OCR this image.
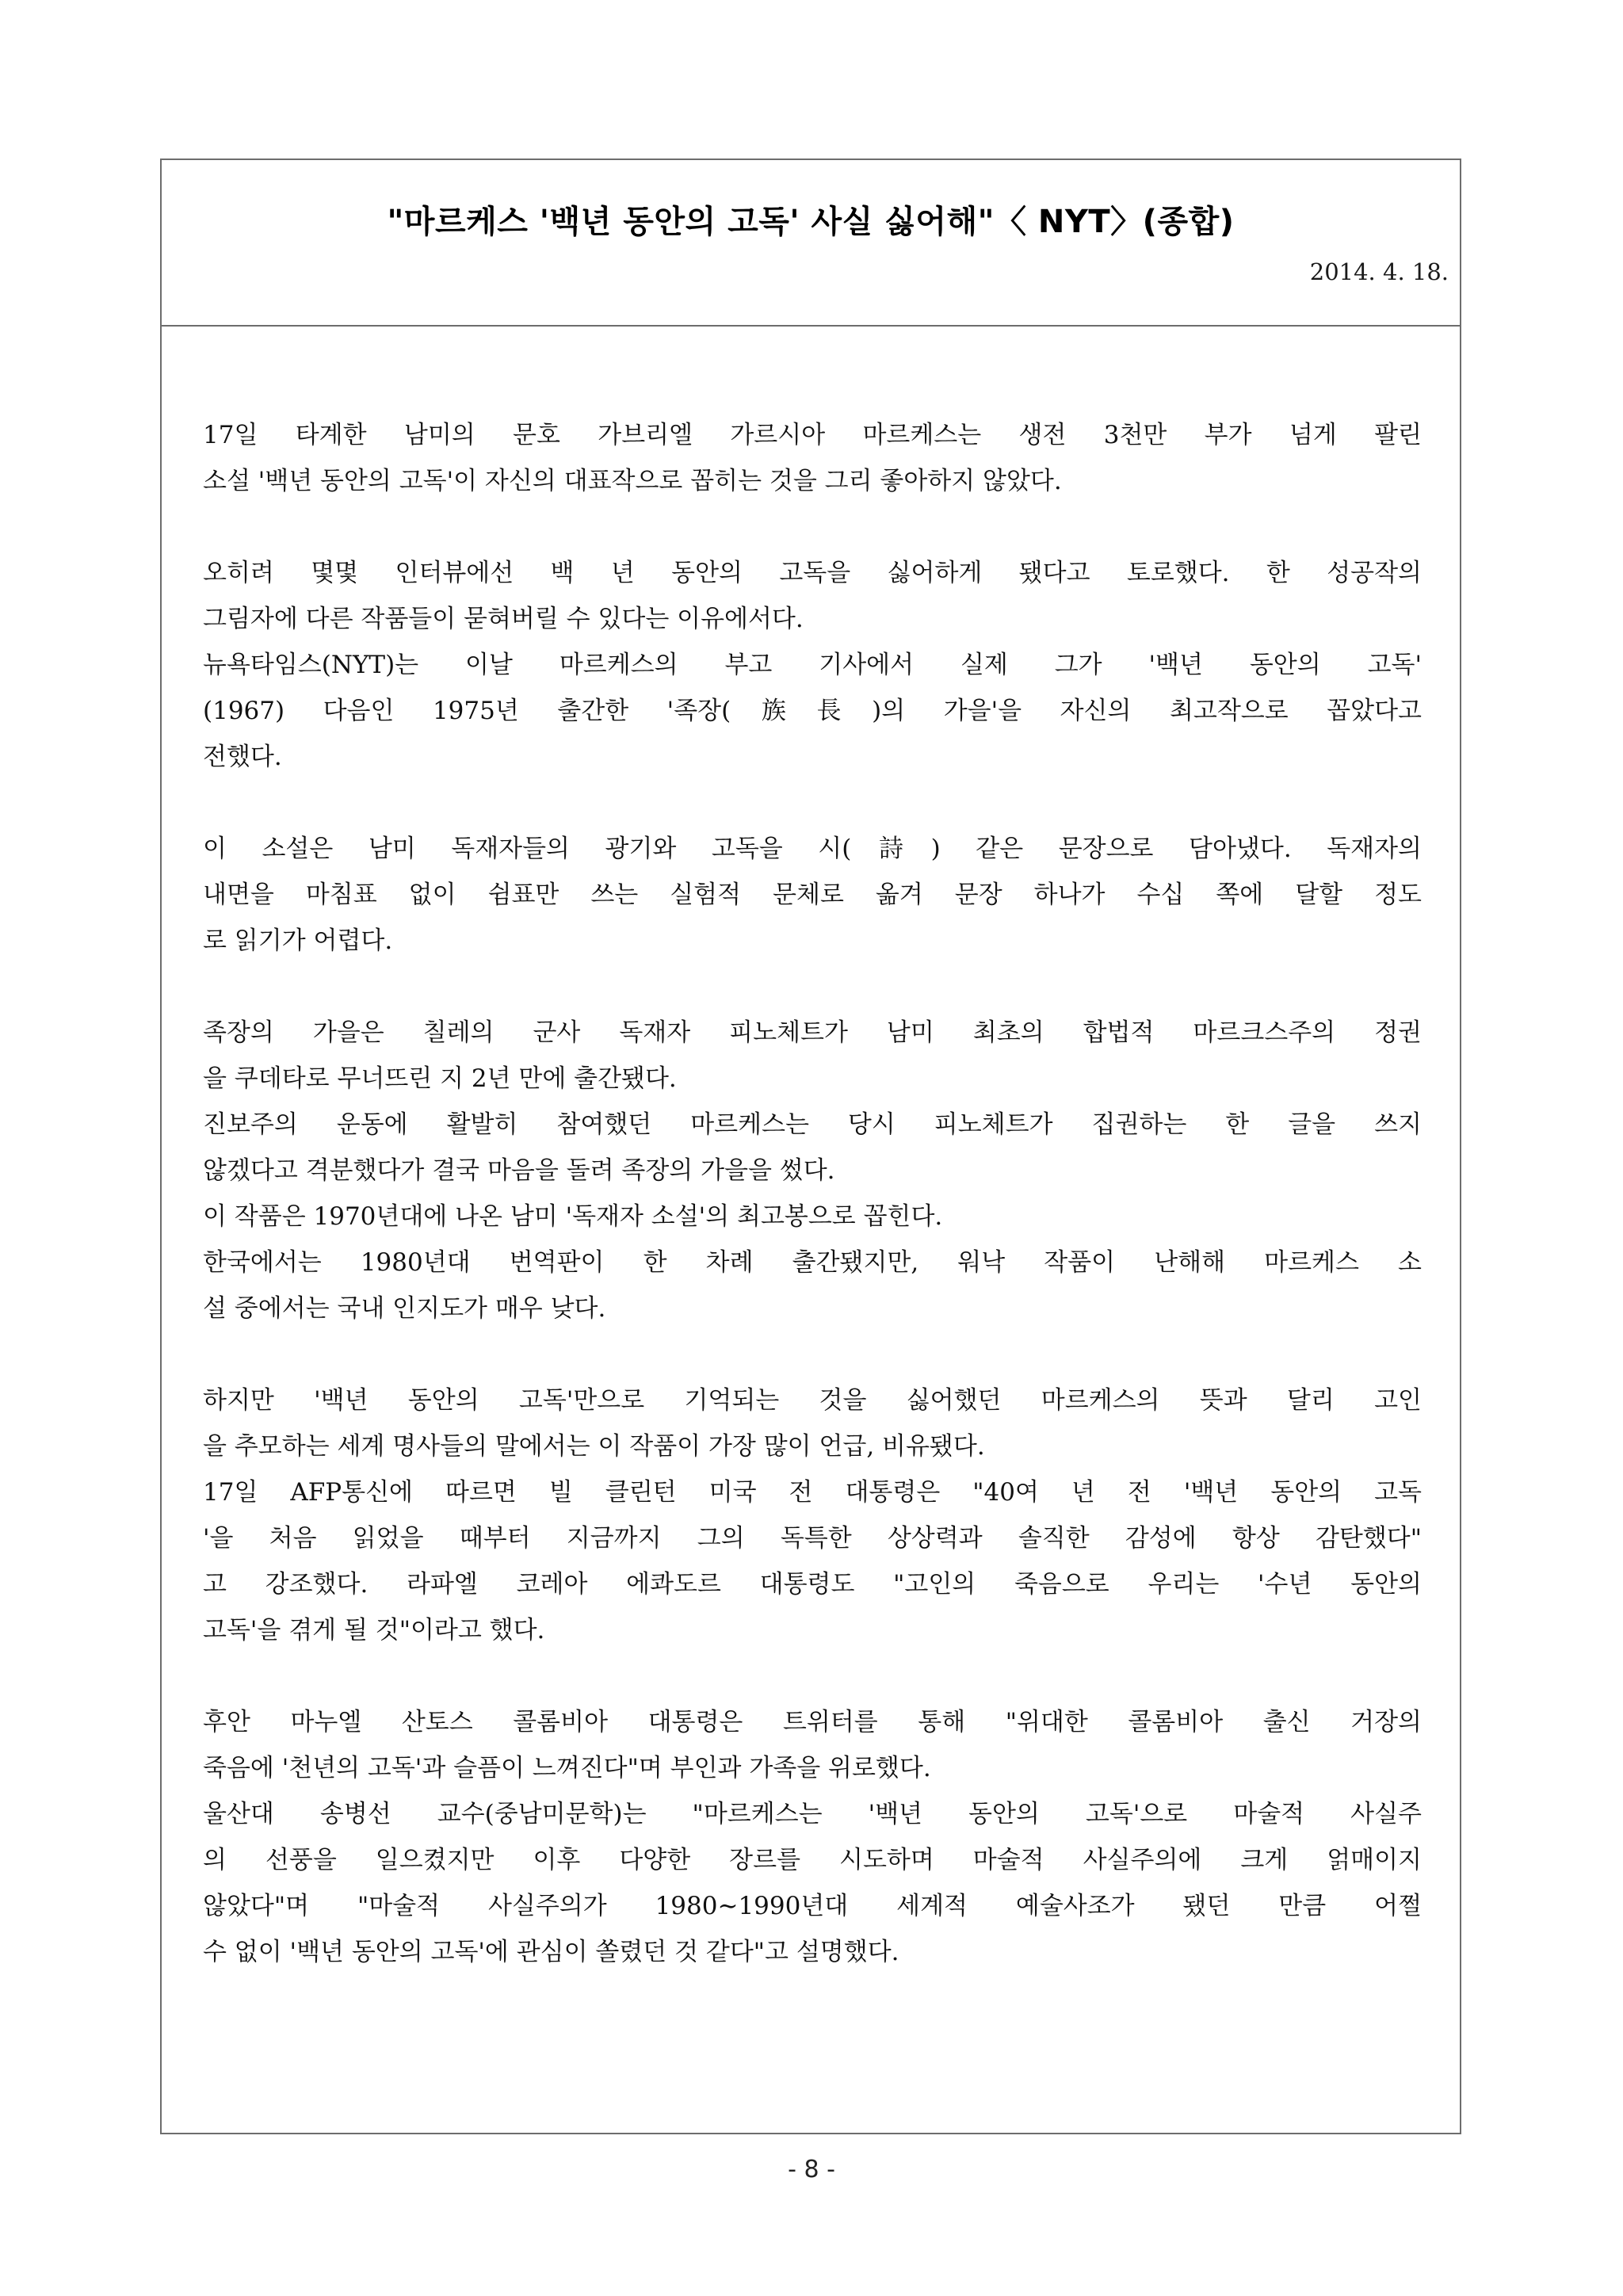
"마르케스 '백년 동안의 고독' 사실 싫어해"〈 NYT〉(종합)
2014. 4. 18.
17일 타계한 남미의 문호 가브리엘 가르시아 마르케스는 생전 3천만 부가 넘게 팔린
소설 '백년 동안의 고독'이 자신의 대표작으로 꼽히는 것을 그리 좋아하지 않았다.
오히려 몇몇 인터뷰에선 백 년 동안의 고독을 싫어하게 됐다고 토로했다. 한 성공작의
그림자에 다른 작품들이 묻혀버릴 수 있다는 이유에서다.
뉴욕타임스(NYT)는 이날 마르케스의 부고 기사에서 실제 그가 '백년 동안의 고독'
(1967) 다음인 1975년 출간한 '족장(族長)의 가을'을 자신의 최고작으로 꼽았다고
전했다.
이 소설은 남미 독재자들의 광기와 고독을 시(詩) 같은 문장으로 담아냈다. 독재자의
내면을 마침표 없이 쉼표만 쓰는 실험적 문체로 옮겨 문장 하나가 수십 쪽에 달할 정도
로 읽기가 어렵다.
족장의 가을은 칠레의 군사 독재자 피노체트가 남미 최초의 합법적 마르크스주의 정권
을 쿠데타로 무너뜨린 지 2년 만에 출간됐다.
진보주의 운동에 활발히 참여했던 마르케스는 당시 피노체트가 집권하는 한 글을 쓰지
않겠다고 격분했다가 결국 마음을 돌려 족장의 가을을 썼다.
이 작품은 1970년대에 나온 남미 '독재자 소설'의 최고봉으로 꼽힌다.
한국에서는 1980년대 번역판이 한 차례 출간됐지만, 워낙 작품이 난해해 마르케스 소
설 중에서는 국내 인지도가 매우 낮다.
하지만 '백년 동안의 고독'만으로 기억되는 것을 싫어했던 마르케스의 뜻과 달리 고인
을 추모하는 세계 명사들의 말에서는 이 작품이 가장 많이 언급, 비유됐다.
17일 AFP통신에 따르면 빌 클린턴 미국 전 대통령은 "40여 년 전 '백년 동안의 고독
'을 처음 읽었을 때부터 지금까지 그의 독특한 상상력과 솔직한 감성에 항상 감탄했다"
고 강조했다. 라파엘 코레아 에콰도르 대통령도 "고인의 죽음으로 우리는 '수년 동안의
고독'을 겪게 될 것"이라고 했다.
후안 마누엘 산토스 콜롬비아 대통령은 트위터를 통해 "위대한 콜롬비아 출신 거장의
죽음에 '천년의 고독'과 슬픔이 느껴진다"며 부인과 가족을 위로했다.
울산대 송병선 교수(중남미문학)는 "마르케스는 '백년 동안의 고독'으로 마술적 사실주
의 선풍을 일으켰지만 이후 다양한 장르를 시도하며 마술적 사실주의에 크게 얽매이지
않았다"며 "마술적 사실주의가 1980∼1990년대 세계적 예술사조가 됐던 만큼 어쩔
수 없이 '백년 동안의 고독'에 관심이 쏠렸던 것 같다"고 설명했다.
- 8 -
